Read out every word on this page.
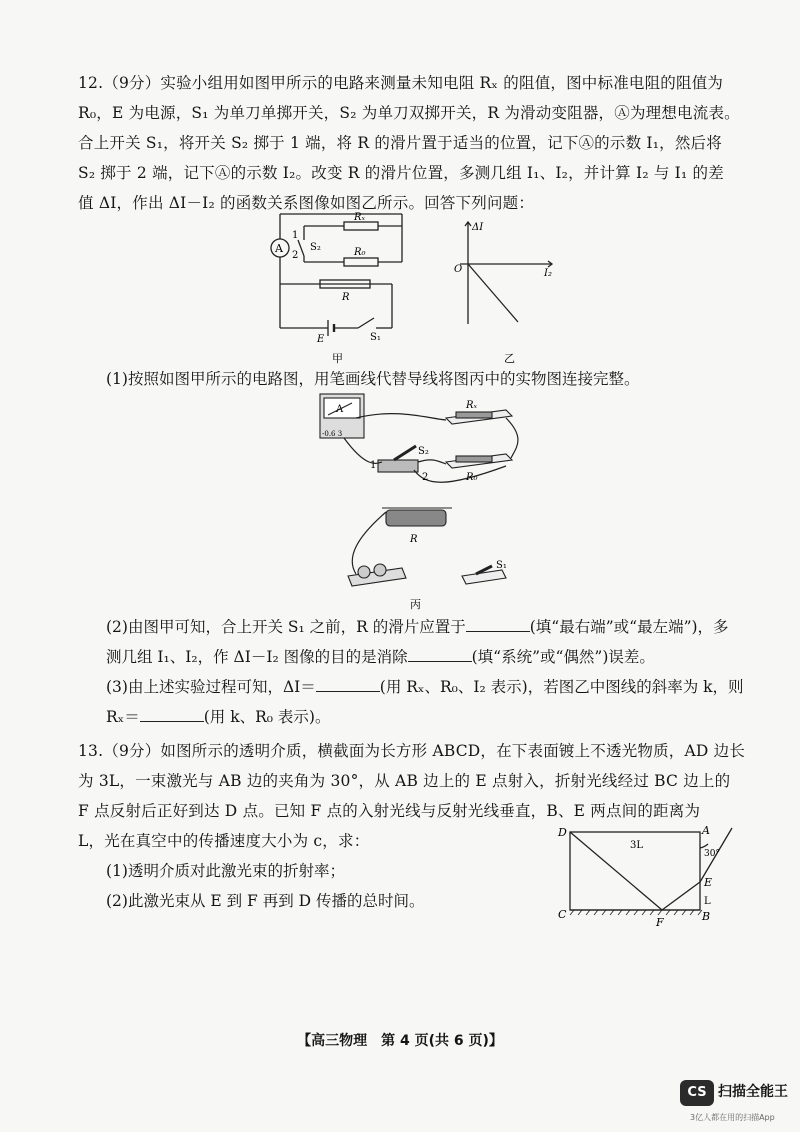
12.（9分）实验小组用如图甲所示的电路来测量未知电阻 Rₓ 的阻值，图中标准电阻的阻值为

R₀，E 为电源，S₁ 为单刀单掷开关，S₂ 为单刀双掷开关，R 为滑动变阻器，Ⓐ为理想电流表。

合上开关 S₁，将开关 S₂ 掷于 1 端，将 R 的滑片置于适当的位置，记下Ⓐ的示数 I₁，然后将

S₂ 掷于 2 端，记下Ⓐ的示数 I₂。改变 R 的滑片位置，多测几组 I₁、I₂，并计算 I₂ 与 I₁ 的差

值 ΔI，作出 ΔI－I₂ 的函数关系图像如图乙所示。回答下列问题：

A
Rₓ
R₀
R
E	S₁
S₂
1
2
甲
ΔI
I₂
O
乙
(1)按照如图甲所示的电路图，用笔画线代替导线将图丙中的实物图连接完整。
A
-0.6 3
Rₓ
R₀
R
S₂
S₁
1
2
丙
(2)由图甲可知，合上开关 S₁ 之前，R 的滑片应置于	(填“最右端”或“最左端”)，多
测几组 I₁、I₂，作 ΔI－I₂ 图像的目的是消除	(填“系统”或“偶然”)误差。
(3)由上述实验过程可知，ΔI＝	(用 Rₓ、R₀、I₂ 表示)，若图乙中图线的斜率为 k，则
Rₓ＝	(用 k、R₀ 表示)。

13.（9分）如图所示的透明介质，横截面为长方形 ABCD，在下表面镀上不透光物质，AD 边长

为 3L，一束激光与 AB 边的夹角为 30°，从 AB 边上的 E 点射入，折射光线经过 BC 边上的

F 点反射后正好到达 D 点。已知 F 点的入射光线与反射光线垂直，B、E 两点间的距离为

L，光在真空中的传播速度大小为 c，求：

(1)透明介质对此激光束的折射率；
(2)此激光束从 E 到 F 再到 D 传播的总时间。
D	A
C	B
E
F
3L
L
30°
【高三物理　第 4 页(共 6 页)】
CS 扫描全能王
3亿人都在用的扫描App
